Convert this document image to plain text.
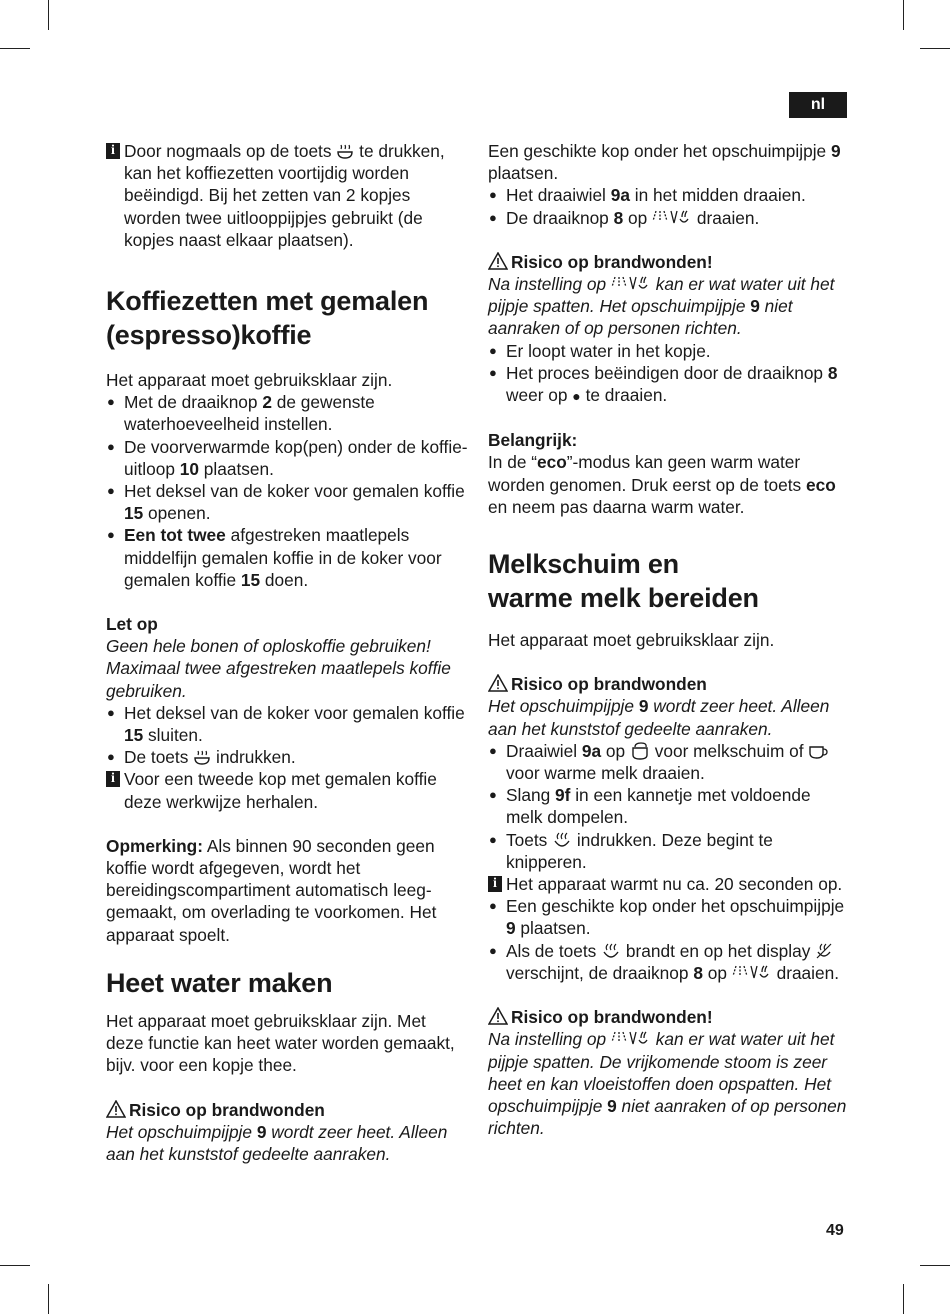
nl

i Door nogmaals op de toets te drukken, kan het koffiezetten voortijdig worden beëindigd. Bij het zetten van 2 kopjes worden twee uitlooppijpjes gebruikt (de kopjes naast elkaar plaatsen).

Koffiezetten met gemalen
(espresso)koffie

Het apparaat moet gebruiksklaar zijn.

● Met de draaiknop 2 de gewenste waterhoeveelheid instellen.

● De voorverwarmde kop(pen) onder de koffie-uitloop 10 plaatsen.

● Het deksel van de koker voor gemalen koffie 15 openen.

● Een tot twee afgestreken maatlepels middelfijn gemalen koffie in de koker voor gemalen koffie 15 doen.

Let op

Geen hele bonen of oploskoffie gebruiken! Maximaal twee afgestreken maatlepels koffie gebruiken.

● Het deksel van de koker voor gemalen koffie 15 sluiten.

● De toets  indrukken.

i Voor een tweede kop met gemalen koffie deze werkwijze herhalen.

Opmerking: Als binnen 90 seconden geen koffie wordt afgegeven, wordt het bereidingscompartiment automatisch leeg-gemaakt, om overlading te voorkomen. Het apparaat spoelt.

Heet water maken

Het apparaat moet gebruiksklaar zijn. Met deze functie kan heet water worden gemaakt, bijv. voor een kopje thee.

Risico op brandwonden

Het opschuimpijpje 9 wordt zeer heet. Alleen aan het kunststof gedeelte aanraken.

Een geschikte kop onder het opschuimpijpje 9 plaatsen.

● Het draaiwiel 9a in het midden draaien.

● De draaiknop 8 op  draaien.

Risico op brandwonden!

Na instelling op  kan er wat water uit het pijpje spatten. Het opschuimpijpje 9 niet aanraken of op personen richten.

● Er loopt water in het kopje.

● Het proces beëindigen door de draaiknop 8 weer op ● te draaien.

Belangrijk:

In de “eco”-modus kan geen warm water worden genomen. Druk eerst op de toets eco en neem pas daarna warm water.

Melkschuim en
warme melk bereiden

Het apparaat moet gebruiksklaar zijn.

Risico op brandwonden

Het opschuimpijpje 9 wordt zeer heet. Alleen aan het kunststof gedeelte aanraken.

● Draaiwiel 9a op  voor melkschuim of  voor warme melk draaien.

● Slang 9f in een kannetje met voldoende melk dompelen.

● Toets  indrukken. Deze begint te knipperen.

i Het apparaat warmt nu ca. 20 seconden op.

● Een geschikte kop onder het opschuimpijpje 9 plaatsen.

● Als de toets  brandt en op het display  verschijnt, de draaiknop 8 op  draaien.

Risico op brandwonden!

Na instelling op  kan er wat water uit het pijpje spatten. De vrijkomende stoom is zeer heet en kan vloeistoffen doen opspatten. Het opschuimpijpje 9 niet aanraken of op personen richten.

49
